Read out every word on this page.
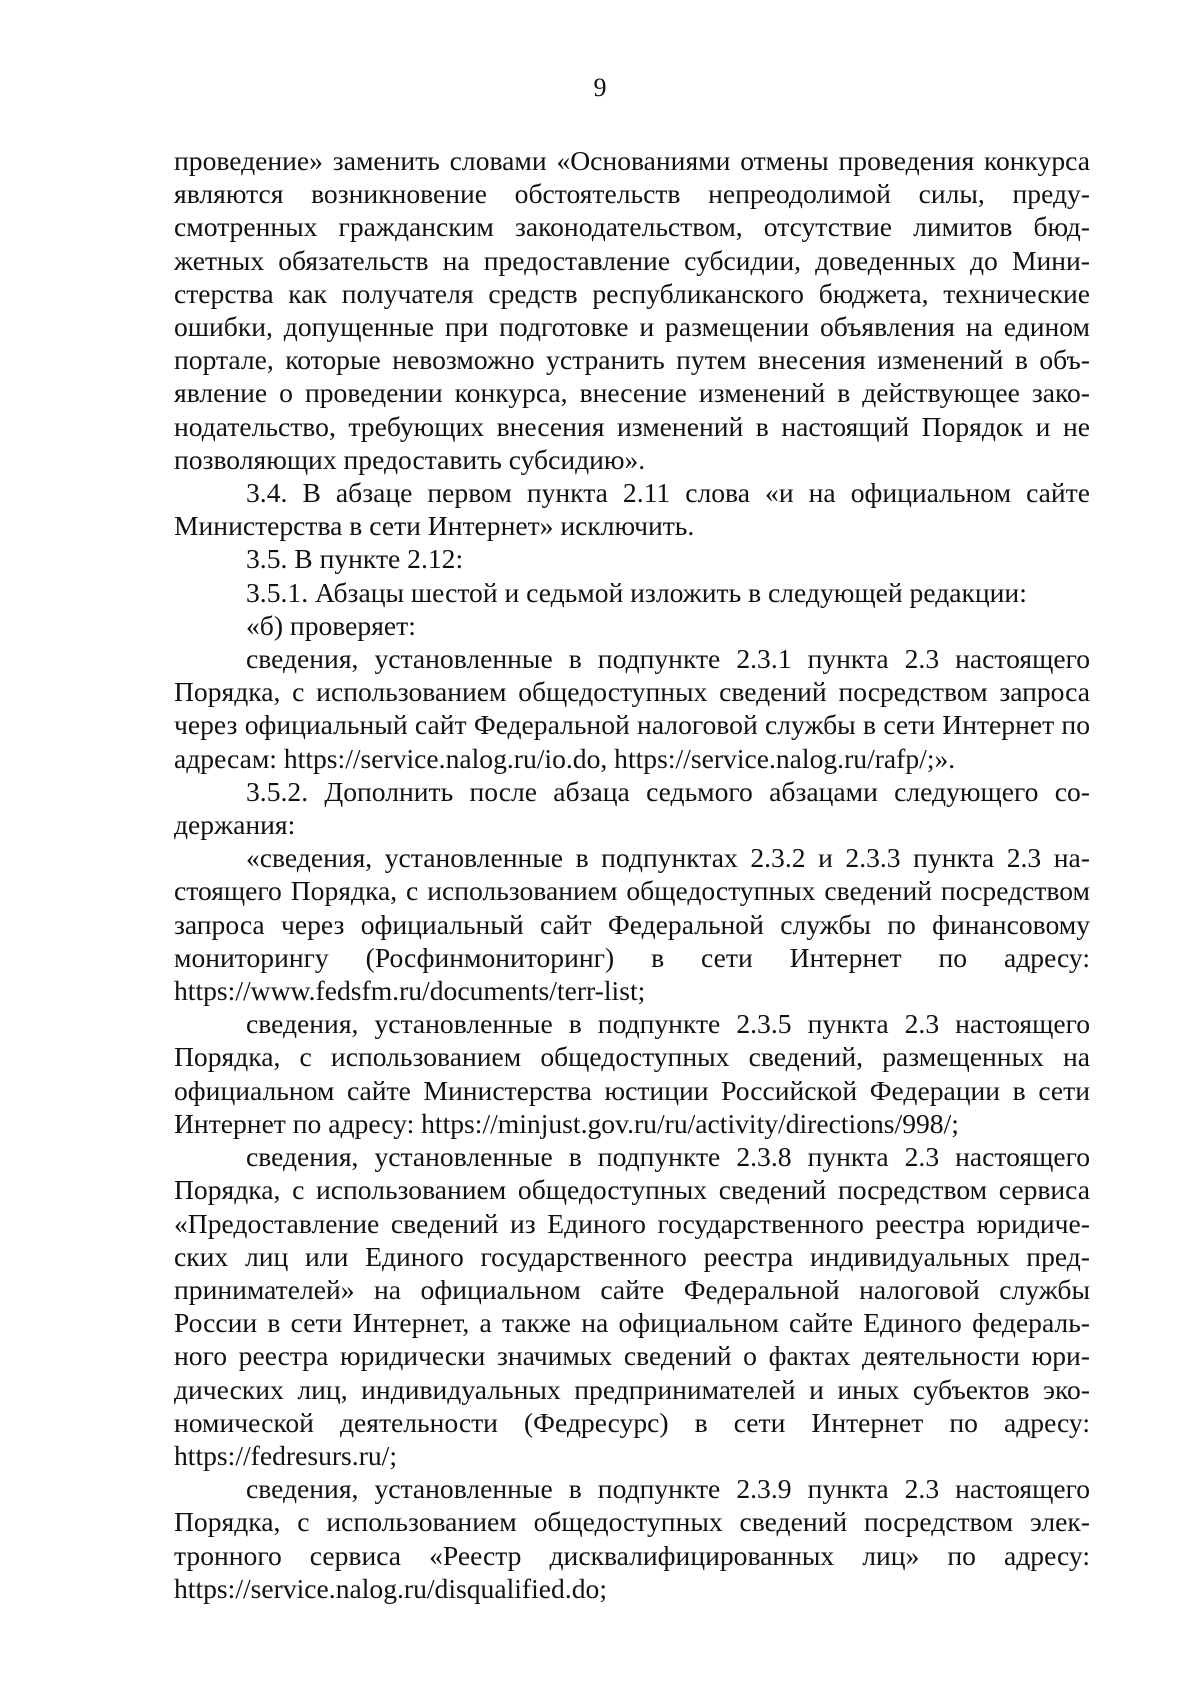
9

проведение» заменить словами «Основаниями отмены проведения конкурса являются возникновение обстоятельств непреодолимой силы, предусмотренных гражданским законодательством, отсутствие лимитов бюджетных обязательств на предоставление субсидии, доведенных до Министерства как получателя средств республиканского бюджета, технические ошибки, допущенные при подготовке и размещении объявления на едином портале, которые невозможно устранить путем внесения изменений в объявление о проведении конкурса, внесение изменений в действующее законодательство, требующих внесения изменений в настоящий Порядок и не позволяющих предоставить субсидию».

3.4. В абзаце первом пункта 2.11 слова «и на официальном сайте Министерства в сети Интернет» исключить.

3.5. В пункте 2.12:

3.5.1. Абзацы шестой и седьмой изложить в следующей редакции:

«б) проверяет:

сведения, установленные в подпункте 2.3.1 пункта 2.3 настоящего Порядка, с использованием общедоступных сведений посредством запроса через официальный сайт Федеральной налоговой службы в сети Интернет по адресам: https://service.nalog.ru/io.do, https://service.nalog.ru/rafp/;».

3.5.2. Дополнить после абзаца седьмого абзацами следующего содержания:

«сведения, установленные в подпунктах 2.3.2 и 2.3.3 пункта 2.3 настоящего Порядка, с использованием общедоступных сведений посредством запроса через официальный сайт Федеральной службы по финансовому мониторингу (Росфинмониторинг) в сети Интернет по адресу: https://www.fedsfm.ru/documents/terr-list;

сведения, установленные в подпункте 2.3.5 пункта 2.3 настоящего Порядка, с использованием общедоступных сведений, размещенных на официальном сайте Министерства юстиции Российской Федерации в сети Интернет по адресу: https://minjust.gov.ru/ru/activity/directions/998/;

сведения, установленные в подпункте 2.3.8 пункта 2.3 настоящего Порядка, с использованием общедоступных сведений посредством сервиса «Предоставление сведений из Единого государственного реестра юридических лиц или Единого государственного реестра индивидуальных предпринимателей» на официальном сайте Федеральной налоговой службы России в сети Интернет, а также на официальном сайте Единого федерального реестра юридически значимых сведений о фактах деятельности юридических лиц, индивидуальных предпринимателей и иных субъектов экономической деятельности (Федресурс) в сети Интернет по адресу: https://fedresurs.ru/;

сведения, установленные в подпункте 2.3.9 пункта 2.3 настоящего Порядка, с использованием общедоступных сведений посредством электронного сервиса «Реестр дисквалифицированных лиц» по адресу: https://service.nalog.ru/disqualified.do;
